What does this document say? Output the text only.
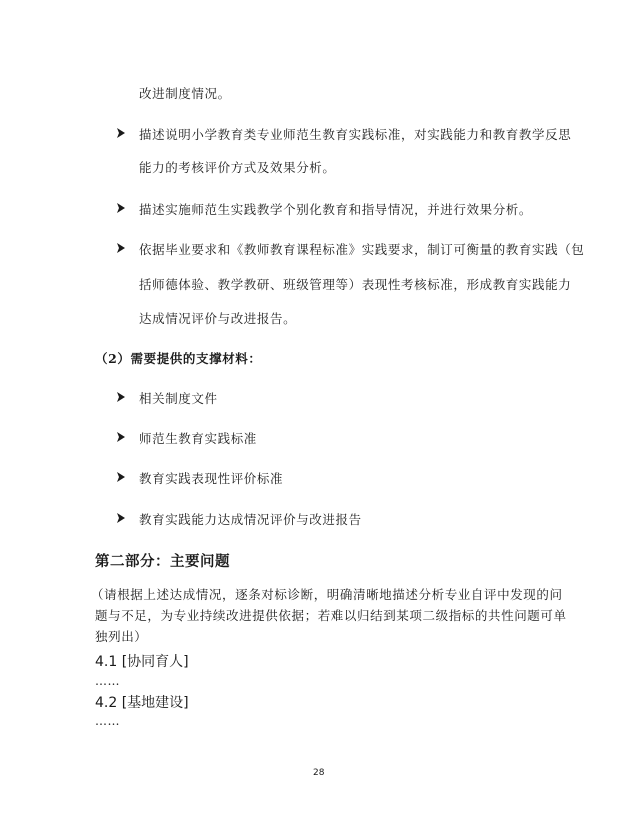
改进制度情况。
描述说明小学教育类专业师范生教育实践标准，对实践能力和教育教学反思
能力的考核评价方式及效果分析。
描述实施师范生实践教学个别化教育和指导情况，并进行效果分析。
依据毕业要求和《教师教育课程标准》实践要求，制订可衡量的教育实践（包
括师德体验、教学教研、班级管理等）表现性考核标准，形成教育实践能力
达成情况评价与改进报告。
（2）需要提供的支撑材料：
相关制度文件
师范生教育实践标准
教育实践表现性评价标准
教育实践能力达成情况评价与改进报告
第二部分：主要问题
（请根据上述达成情况，逐条对标诊断，明确清晰地描述分析专业自评中发现的问
题与不足，为专业持续改进提供依据；若难以归结到某项二级指标的共性问题可单
独列出）
4.1 [协同育人]
……
4.2 [基地建设]
……
28
